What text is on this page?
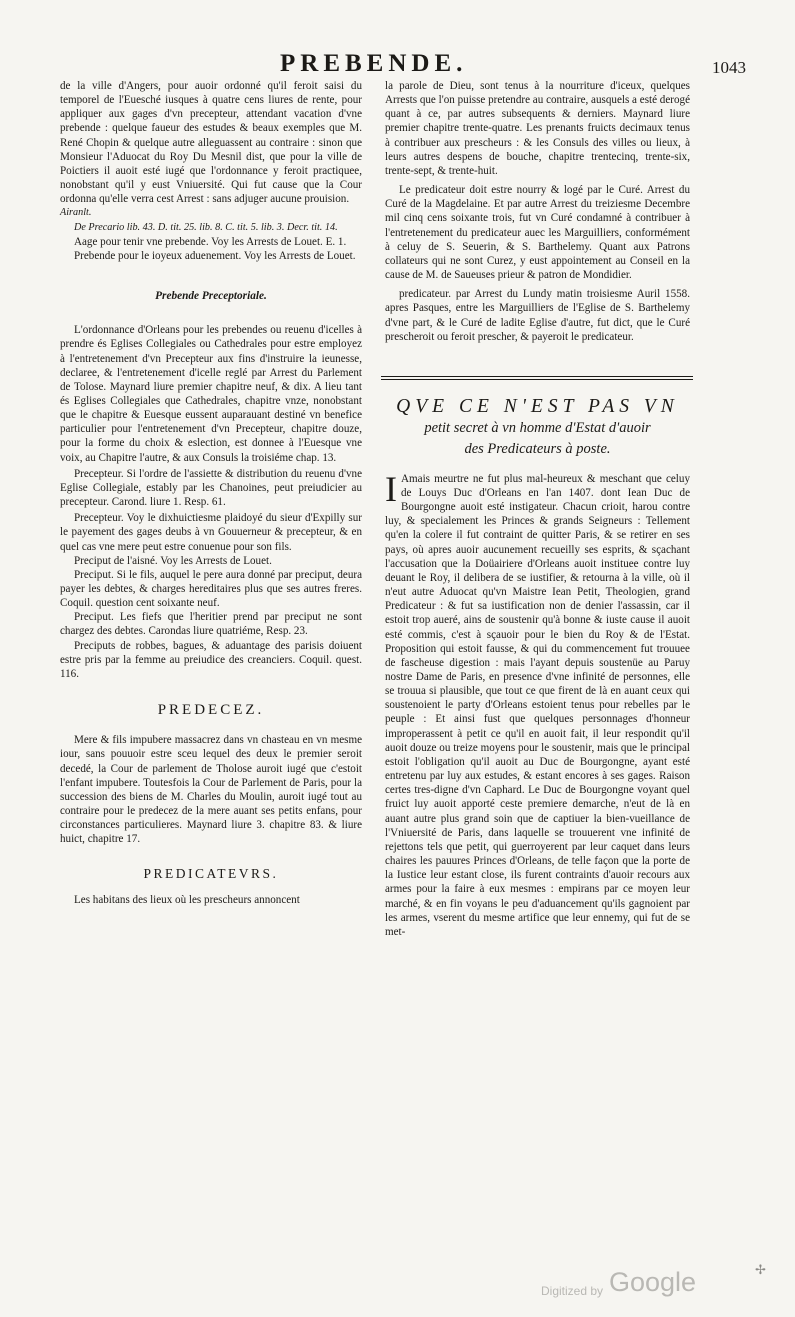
PREBENDE.	1043

de la ville d'Angers, pour auoir ordonné qu'il feroit saisi du temporel de l'Euesché iusques à quatre cens liures de rente, pour appliquer aux gages d'vn precepteur, attendant vacation d'vne prebende : quelque faueur des estudes & beaux exemples que M. René Chopin & quelque autre alleguassent au contraire : sinon que Monsieur l'Aduocat du Roy Du Mesnil dist, que pour la ville de Poictiers il auoit esté iugé que l'ordonnance y feroit practiquee, nonobstant qu'il y eust Vniuersité. Qui fut cause que la Cour ordonna qu'elle verra cest Arrest : sans adjuger aucune prouision.

Airanlt.

De Precario lib. 43. D. tit. 25. lib. 8. C. tit. 5. lib. 3. Decr. tit. 14.

Aage pour tenir vne prebende. Voy les Arrests de Louet. E. 1.

Prebende pour le ioyeux aduenement. Voy les Arrests de Louet.

Prebende Preceptoriale.

L'ordonnance d'Orleans pour les prebendes ou reuenu d'icelles à prendre és Eglises Collegiales ou Cathedrales pour estre employez à l'entretenement d'vn Precepteur aux fins d'instruire la ieunesse, declaree, & l'entretenement d'icelle reglé par Arrest du Parlement de Tolose. Maynard liure premier chapitre neuf, & dix. A lieu tant és Eglises Collegiales que Cathedrales, chapitre vnze, nonobstant que le chapitre & Euesque eussent auparauant destiné vn benefice particulier pour l'entretenement d'vn Precepteur, chapitre douze, pour la forme du choix & eslection, est donnee à l'Euesque vne voix, au Chapitre l'autre, & aux Consuls la troisiéme chap. 13.

Precepteur. Si l'ordre de l'assiette & distribution du reuenu d'vne Eglise Collegiale, estably par les Chanoines, peut preiudicier au precepteur. Carond. liure 1. Resp. 61.

Precepteur. Voy le dixhuictiesme plaidoyé du sieur d'Expilly sur le payement des gages deubs à vn Gouuerneur & precepteur, & en quel cas vne mere peut estre conuenue pour son fils.

Preciput de l'aisné. Voy les Arrests de Louet.

Preciput. Si le fils, auquel le pere aura donné par preciput, deura payer les debtes, & charges hereditaires plus que ses autres freres. Coquil. question cent soixante neuf.

Preciput. Les fiefs que l'heritier prend par preciput ne sont chargez des debtes. Carondas liure quatriéme, Resp. 23.

Preciputs de robbes, bagues, & aduantage des parisis doiuent estre pris par la femme au preiudice des creanciers. Coquil. quest. 116.

PREDECEZ.

Mere & fils impubere massacrez dans vn chasteau en vn mesme iour, sans pouuoir estre sceu lequel des deux le premier seroit decedé, la Cour de parlement de Tholose auroit iugé que c'estoit l'enfant impubere. Toutesfois la Cour de Parlement de Paris, pour la succession des biens de M. Charles du Moulin, auroit iugé tout au contraire pour le predecez de la mere auant ses petits enfans, pour circonstances particulieres. Maynard liure 3. chapitre 83. & liure huict, chapitre 17.

PREDICATEVRS.

Les habitans des lieux où les prescheurs annoncent

la parole de Dieu, sont tenus à la nourriture d'iceux, quelques Arrests que l'on puisse pretendre au contraire, ausquels a esté derogé quant à ce, par autres subsequents & derniers. Maynard liure premier chapitre trente-quatre. Les prenants fruicts decimaux tenus à contribuer aux prescheurs : & les Consuls des villes ou lieux, à leurs autres despens de bouche, chapitre trentecinq, trente-six, trente-sept, & trente-huit.

Le predicateur doit estre nourry & logé par le Curé. Arrest du Curé de la Magdelaine. Et par autre Arrest du treiziesme Decembre mil cinq cens soixante trois, fut vn Curé condamné à contribuer à l'entretenement du predicateur auec les Marguilliers, conformément à celuy de S. Seuerin, & S. Barthelemy. Quant aux Patrons collateurs qui ne sont Curez, y eust appointement au Conseil en la cause de M. de Saueuses prieur & patron de Mondidier.

predicateur. par Arrest du Lundy matin troisiesme Auril 1558. apres Pasques, entre les Marguilliers de l'Eglise de S. Barthelemy d'vne part, & le Curé de ladite Eglise d'autre, fut dict, que le Curé prescheroit ou feroit prescher, & payeroit le predicateur.

QVE CE N'EST PAS VN

petit secret à vn homme d'Estat d'auoir

des Predicateurs à poste.

I Amais meurtre ne fut plus mal-heureux & meschant que celuy de Louys Duc d'Orleans en l'an 1407. dont Iean Duc de Bourgongne auoit esté instigateur. Chacun crioit, harou contre luy, & specialement les Princes & grands Seigneurs : Tellement qu'en la colere il fut contraint de quitter Paris, & se retirer en ses pays, où apres auoir aucunement recueilly ses esprits, & sçachant l'accusation que la Doüairiere d'Orleans auoit instituee contre luy deuant le Roy, il delibera de se iustifier, & retourna à la ville, où il n'eut autre Aduocat qu'vn Maistre Iean Petit, Theologien, grand Predicateur : & fut sa iustification non de denier l'assassin, car il estoit trop aueré, ains de soustenir qu'à bonne & iuste cause il auoit esté commis, c'est à sçauoir pour le bien du Roy & de l'Estat. Proposition qui estoit fausse, & qui du commencement fut trouuee de fascheuse digestion : mais l'ayant depuis soustenüe au Paruy nostre Dame de Paris, en presence d'vne infinité de personnes, elle se trouua si plausible, que tout ce que firent de là en auant ceux qui soustenoient le party d'Orleans estoient tenus pour rebelles par le peuple : Et ainsi fust que quelques personnages d'honneur improperassent à petit ce qu'il en auoit fait, il leur respondit qu'il auoit douze ou treize moyens pour le soustenir, mais que le principal estoit l'obligation qu'il auoit au Duc de Bourgongne, ayant esté entretenu par luy aux estudes, & estant encores à ses gages. Raison certes tres-digne d'vn Caphard. Le Duc de Bourgongne voyant quel fruict luy auoit apporté ceste premiere demarche, n'eut de là en auant autre plus grand soin que de captiuer la bien-vueillance de l'Vniuersité de Paris, dans laquelle se trouuerent vne infinité de rejettons tels que petit, qui guerroyerent par leur caquet dans leurs chaires les pauures Princes d'Orleans, de telle façon que la porte de la Iustice leur estant close, ils furent contraints d'auoir recours aux armes pour la faire à eux mesmes : empirans par ce moyen leur marché, & en fin voyans le peu d'aduancement qu'ils gagnoient par les armes, vserent du mesme artifice que leur ennemy, qui fut de se met-

Digitized by Google	✢
